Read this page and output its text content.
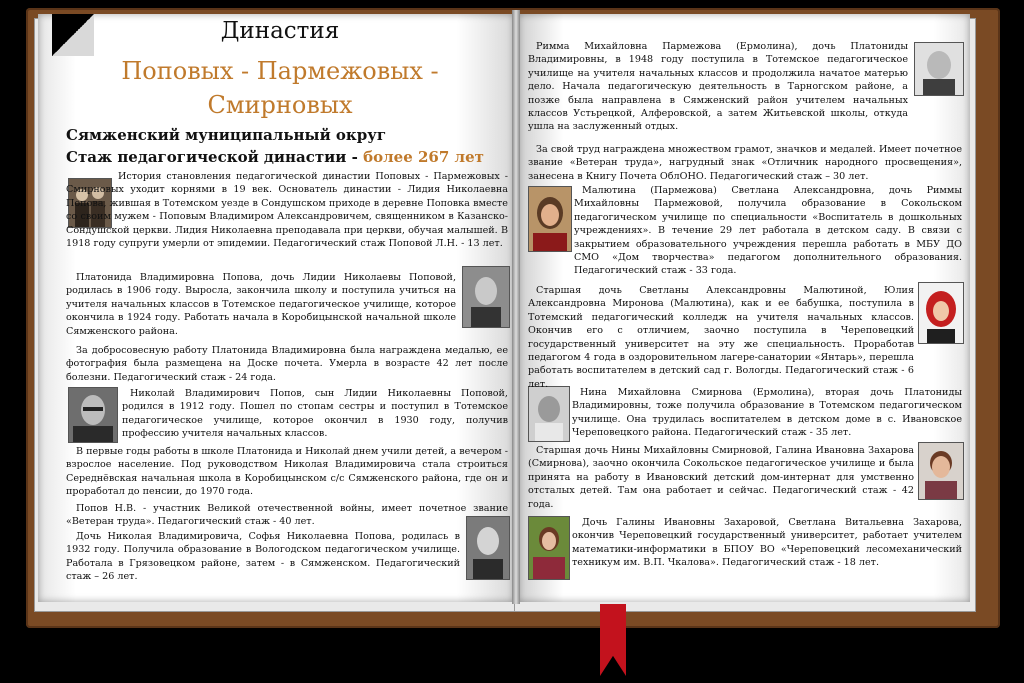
Династия
Поповых - Пармежовых -
Смирновых
Сямженский муниципальный округ
Стаж педагогической династии - более 267 лет

История становления педагогической династии Поповых - Пармежовых - Смирновых уходит корнями в 19 век. Основатель династии - Лидия Николаевна Попова, жившая в Тотемском уезде в Сондушском приходе в деревне Поповка вместе со своим мужем - Поповым Владимиром Александровичем, священником в Казанско-Сондушской церкви. Лидия Николаевна преподавала при церкви, обучая малышей. В 1918 году супруги умерли от эпидемии. Педагогический стаж Поповой Л.Н. - 13 лет.

Платонида Владимировна Попова, дочь Лидии Николаевы Поповой, родилась в 1906 году. Выросла, закончила школу и поступила учиться на учителя начальных классов в Тотемское педагогическое училище, которое окончила в 1924 году. Работать начала в Коробицынской начальной школе Сямженского района.

За добросовесную работу Платонида Владимировна была награждена медалью, ее фотография была размещена на Доске почета. Умерла в возрасте 42 лет после болезни. Педагогический стаж - 24 года.

Николай Владимирович Попов, сын Лидии Николаевны Поповой, родился в 1912 году. Пошел по стопам сестры и поступил в Тотемское педагогическое училище, которое окончил в 1930 году, получив профессию учителя начальных классов.

В первые годы работы в школе Платонида и Николай днем учили детей, а вечером - взрослое население. Под руководством Николая Владимировича стала строиться Середнёвская начальная школа в Коробицынском с/с Сямженского района, где он и проработал до пенсии, до 1970 года.

Попов Н.В. - участник Великой отечественной войны, имеет почетное звание «Ветеран труда». Педагогический стаж - 40 лет.

Дочь Николая Владимировича, Софья Николаевна Попова, родилась в 1932 году. Получила образование в Вологодском педагогическом училище. Работала в Грязовецком районе, затем - в Сямженском. Педагогический стаж – 26 лет.

Римма Михайловна Пармежова (Ермолина), дочь Платониды Владимировны, в 1948 году поступила в Тотемское педагогическое училище на учителя начальных классов и продолжила начатое матерью дело. Начала педагогическую деятельность в Тарногском районе, а позже была направлена в Сямженский район учителем начальных классов Устьрецкой, Алферовской, а затем Житьевской школы, откуда ушла на заслуженный отдых.

За свой труд награждена множеством грамот, значков и медалей. Имеет почетное звание «Ветеран труда», нагрудный знак «Отличник народного просвещения», занесена в Книгу Почета ОблОНО. Педагогический стаж – 30 лет.

Малютина (Пармежова) Светлана Александровна, дочь Риммы Михайловны Пармежовой, получила образование в Сокольском педагогическом училище по специальности «Воспитатель в дошкольных учреждениях». В течение 29 лет работала в детском саду. В связи с закрытием образовательного учреждения перешла работать в МБУ ДО СМО «Дом творчества» педагогом дополнительного образования. Педагогический стаж - 33 года.

Старшая дочь Светланы Александровны Малютиной, Юлия Александровна Миронова (Малютина), как и ее бабушка, поступила в Тотемский педагогический колледж на учителя начальных классов. Окончив его с отличием, заочно поступила в Череповецкий государственный университет на эту же специальность. Проработав педагогом 4 года в оздоровительном лагере-санатории «Янтарь», перешла работать воспитателем в детский сад г. Вологды. Педагогический стаж - 6 лет.

Нина Михайловна Смирнова (Ермолина), вторая дочь Платониды Владимировны, тоже получила образование в Тотемском педагогическом училище. Она трудилась воспитателем в детском доме в с. Ивановское Череповецкого района. Педагогический стаж - 35 лет.

Старшая дочь Нины Михайловны Смирновой, Галина Ивановна Захарова (Смирнова), заочно окончила Сокольское педагогическое училище и была принята на работу в Ивановский детский дом-интернат для умственно отсталых детей. Там она работает и сейчас. Педагогический стаж - 42 года.

Дочь Галины Ивановны Захаровой, Светлана Витальевна Захарова, окончив Череповецкий государственный университет, работает учителем математики-информатики в БПОУ ВО «Череповецкий лесомеханический техникум им. В.П. Чкалова». Педагогический стаж - 18 лет.
